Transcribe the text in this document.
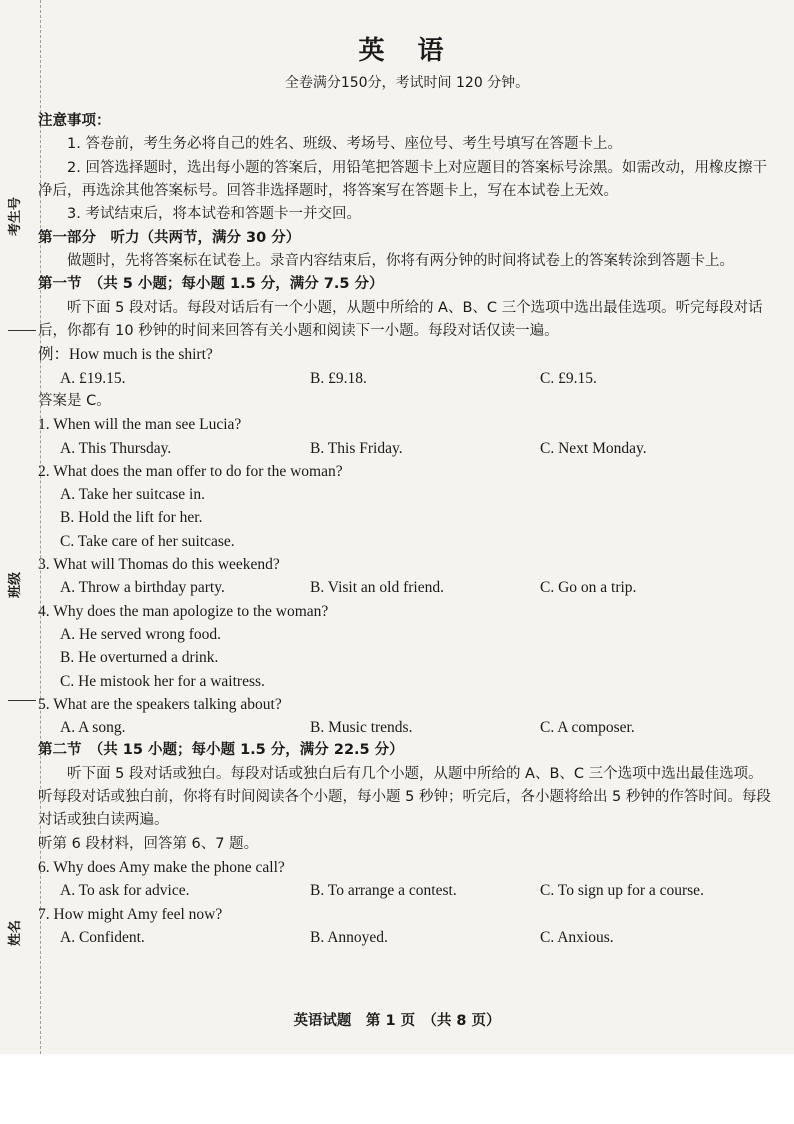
考生号
班级
姓名
英 语
全卷满分150分，考试时间 120 分钟。
注意事项：
1. 答卷前，考生务必将自己的姓名、班级、考场号、座位号、考生号填写在答题卡上。
2. 回答选择题时，选出每小题的答案后，用铅笔把答题卡上对应题目的答案标号涂黑。如需改动，用橡皮擦干净后，再选涂其他答案标号。回答非选择题时，将答案写在答题卡上，写在本试卷上无效。
3. 考试结束后，将本试卷和答题卡一并交回。
第一部分　听力（共两节，满分 30 分）
做题时，先将答案标在试卷上。录音内容结束后，你将有两分钟的时间将试卷上的答案转涂到答题卡上。
第一节　（共 5 小题；每小题 1.5 分，满分 7.5 分）
听下面 5 段对话。每段对话后有一个小题，从题中所给的 A、B、C 三个选项中选出最佳选项。听完每段对话后，你都有 10 秒钟的时间来回答有关小题和阅读下一小题。每段对话仅读一遍。
例：How much is the shirt?
A. £19.15.	B. £9.18.	C. £9.15.
答案是 C。
1. When will the man see Lucia?
A. This Thursday.	B. This Friday.	C. Next Monday.
2. What does the man offer to do for the woman?
A. Take her suitcase in.
B. Hold the lift for her.
C. Take care of her suitcase.
3. What will Thomas do this weekend?
A. Throw a birthday party.	B. Visit an old friend.	C. Go on a trip.
4. Why does the man apologize to the woman?
A. He served wrong food.
B. He overturned a drink.
C. He mistook her for a waitress.
5. What are the speakers talking about?
A. A song.	B. Music trends.	C. A composer.
第二节　（共 15 小题；每小题 1.5 分，满分 22.5 分）
听下面 5 段对话或独白。每段对话或独白后有几个小题，从题中所给的 A、B、C 三个选项中选出最佳选项。听每段对话或独白前，你将有时间阅读各个小题，每小题 5 秒钟；听完后，各小题将给出 5 秒钟的作答时间。每段对话或独白读两遍。
听第 6 段材料，回答第 6、7 题。
6. Why does Amy make the phone call?
A. To ask for advice.	B. To arrange a contest.	C. To sign up for a course.
7. How might Amy feel now?
A. Confident.	B. Annoyed.	C. Anxious.
英语试题　第 1 页　（共 8 页）
